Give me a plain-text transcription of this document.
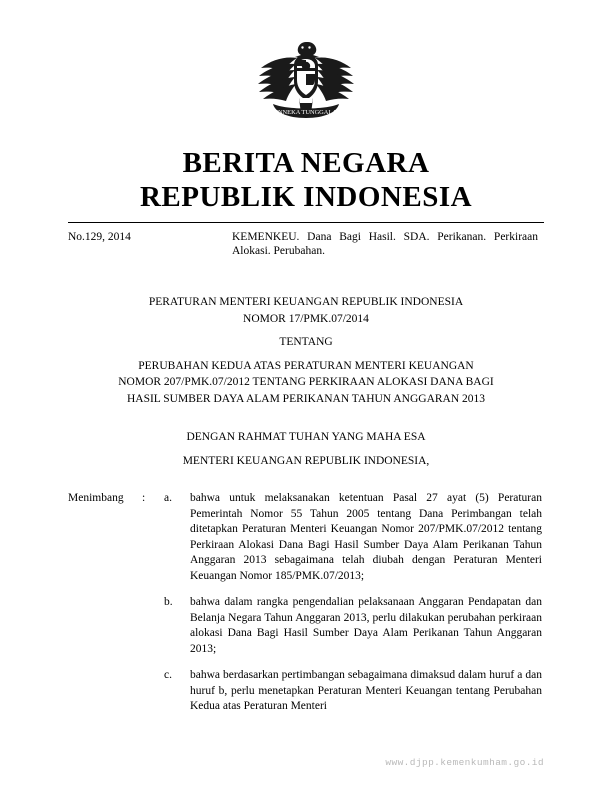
BHINNEKA TUNGGAL IKA
BERITA NEGARA
REPUBLIK INDONESIA
No.129, 2014	KEMENKEU. Dana Bagi Hasil. SDA. Perikanan. Perkiraan Alokasi. Perubahan.
PERATURAN MENTERI KEUANGAN REPUBLIK INDONESIA
NOMOR 17/PMK.07/2014
TENTANG
PERUBAHAN KEDUA ATAS PERATURAN MENTERI KEUANGAN
NOMOR 207/PMK.07/2012 TENTANG PERKIRAAN ALOKASI DANA BAGI
HASIL SUMBER DAYA ALAM PERIKANAN TAHUN ANGGARAN 2013
DENGAN RAHMAT TUHAN YANG MAHA ESA
MENTERI KEUANGAN REPUBLIK INDONESIA,
Menimbang	:	a.	bahwa untuk melaksanakan ketentuan Pasal 27 ayat (5) Peraturan Pemerintah Nomor 55 Tahun 2005 tentang Dana Perimbangan telah ditetapkan Peraturan Menteri Keuangan Nomor 207/PMK.07/2012 tentang Perkiraan Alokasi Dana Bagi Hasil Sumber Daya Alam Perikanan Tahun Anggaran 2013 sebagaimana telah diubah dengan Peraturan Menteri Keuangan Nomor 185/PMK.07/2013;
b.	bahwa dalam rangka pengendalian pelaksanaan Anggaran Pendapatan dan Belanja Negara Tahun Anggaran 2013, perlu dilakukan perubahan perkiraan alokasi Dana Bagi Hasil Sumber Daya Alam Perikanan Tahun Anggaran 2013;
c.	bahwa berdasarkan pertimbangan sebagaimana dimaksud dalam huruf a dan huruf b, perlu menetapkan Peraturan Menteri Keuangan tentang Perubahan Kedua atas Peraturan Menteri
www.djpp.kemenkumham.go.id
